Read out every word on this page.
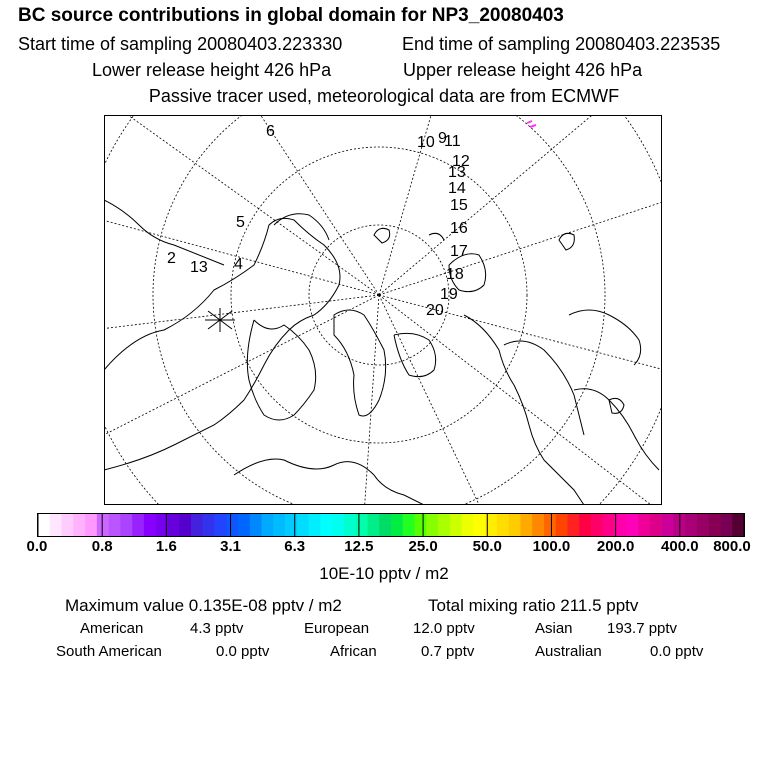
BC source contributions in global domain for NP3_20080403
Start time of sampling 20080403.223330	End time of sampling 20080403.223535
Lower release height 426 hPa	Upper release height 426 hPa
Passive tracer used, meteorological data are from ECMWF
6
5
2
13 4
10 9
11
12
13
14
15
16
17
18
19
20
0.0	0.8	1.6	3.1	6.3	12.5 25.0 50.0 100.0 200.0 400.0 800.0
10E-10 pptv / m2
Maximum value 0.135E-08 pptv / m2	Total mixing ratio 211.5 pptv
American	4.3 pptv	European	12.0 pptv	Asian 193.7 pptv
South American	0.0 pptv	African	0.7 pptv	Australian	0.0 pptv
